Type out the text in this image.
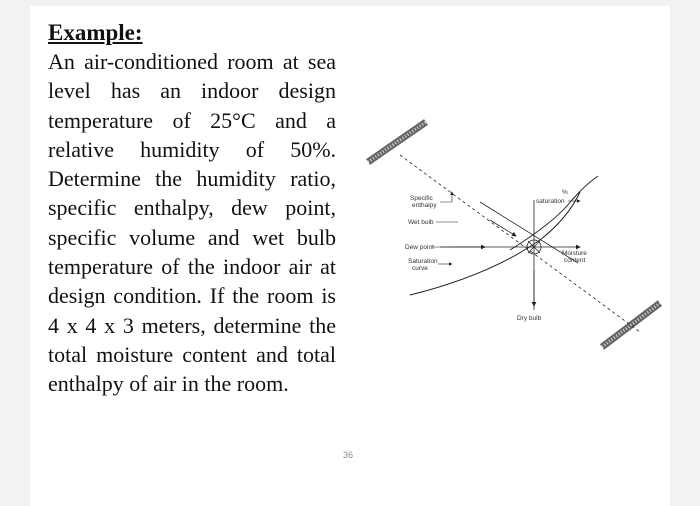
Example:

An air-conditioned room at sea level has an indoor design temperature of 25°C and a relative humidity of 50%. Determine the humidity ratio, specific enthalpy, dew point, specific volume and wet bulb temperature of the indoor air at design condition. If the room is 4 x 4 x 3 meters, determine the total moisture content and total enthalpy of air in the room.

36
Specific
enthalpy
Wet bulb
Dew point
Saturation
curve
%
saturation
Moisture
content
Dry bulb
